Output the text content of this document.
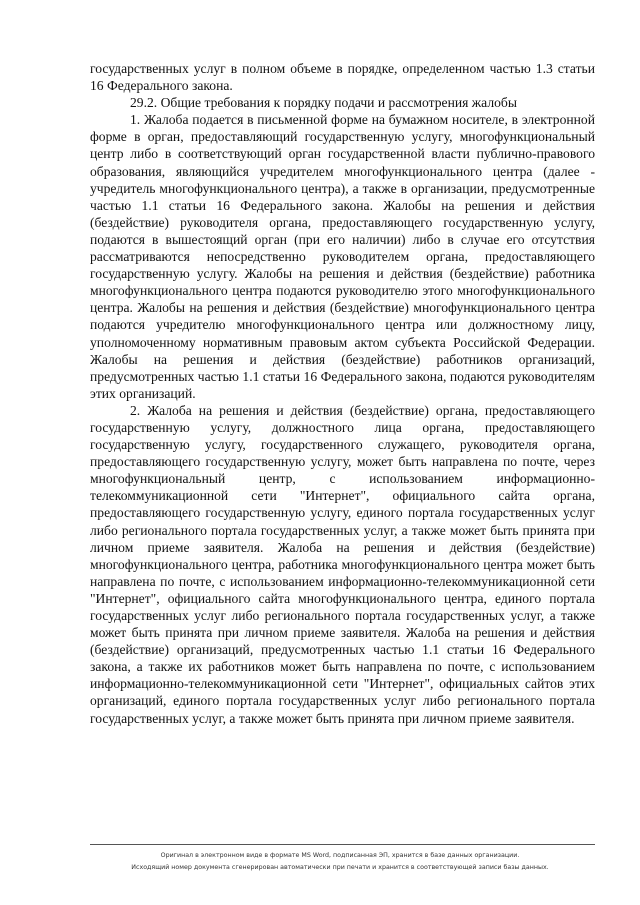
государственных услуг в полном объеме в порядке, определенном частью 1.3 статьи 16 Федерального закона.

29.2. Общие требования к порядку подачи и рассмотрения жалобы

1. Жалоба подается в письменной форме на бумажном носителе, в электронной форме в орган, предоставляющий государственную услугу, многофункциональный центр либо в соответствующий орган государственной власти публично-правового образования, являющийся учредителем многофункционального центра (далее - учредитель многофункционального центра), а также в организации, предусмотренные частью 1.1 статьи 16 Федерального закона. Жалобы на решения и действия (бездействие) руководителя органа, предоставляющего государственную услугу, подаются в вышестоящий орган (при его наличии) либо в случае его отсутствия рассматриваются непосредственно руководителем органа, предоставляющего государственную услугу. Жалобы на решения и действия (бездействие) работника многофункционального центра подаются руководителю этого многофункционального центра. Жалобы на решения и действия (бездействие) многофункционального центра подаются учредителю многофункционального центра или должностному лицу, уполномоченному нормативным правовым актом субъекта Российской Федерации. Жалобы на решения и действия (бездействие) работников организаций, предусмотренных частью 1.1 статьи 16 Федерального закона, подаются руководителям этих организаций.

2. Жалоба на решения и действия (бездействие) органа, предоставляющего государственную услугу, должностного лица органа, предоставляющего государственную услугу, государственного служащего, руководителя органа, предоставляющего государственную услугу, может быть направлена по почте, через многофункциональный центр, с использованием информационно-телекоммуникационной сети "Интернет", официального сайта органа, предоставляющего государственную услугу, единого портала государственных услуг либо регионального портала государственных услуг, а также может быть принята при личном приеме заявителя. Жалоба на решения и действия (бездействие) многофункционального центра, работника многофункционального центра может быть направлена по почте, с использованием информационно-телекоммуникационной сети "Интернет", официального сайта многофункционального центра, единого портала государственных услуг либо регионального портала государственных услуг, а также может быть принята при личном приеме заявителя. Жалоба на решения и действия (бездействие) организаций, предусмотренных частью 1.1 статьи 16 Федерального закона, а также их работников может быть направлена по почте, с использованием информационно-телекоммуникационной сети "Интернет", официальных сайтов этих организаций, единого портала государственных услуг либо регионального портала государственных услуг, а также может быть принята при личном приеме заявителя.

Оригинал в электронном виде в формате MS Word, подписанная ЭП, хранится в базе данных организации.
Исходящий номер документа сгенерирован автоматически при печати и хранится в соответствующей записи базы данных.
